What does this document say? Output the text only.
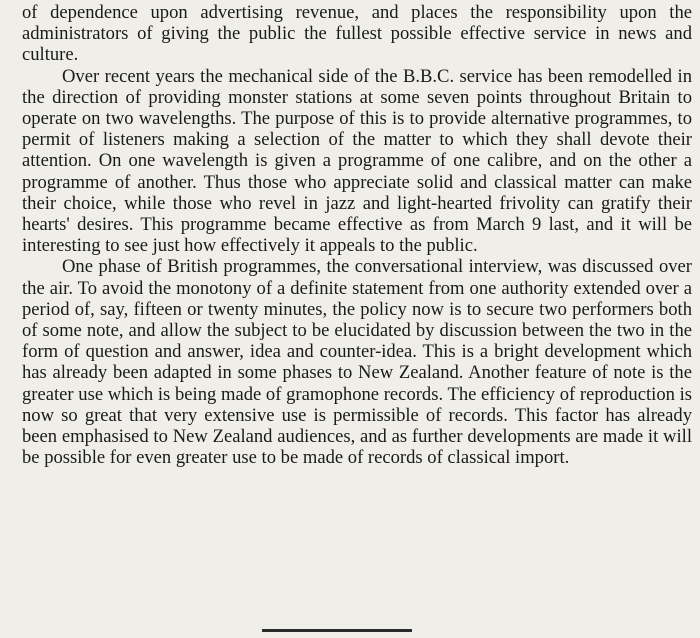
of dependence upon advertising revenue, and places the responsibility upon the administrators of giving the public the fullest possible effective service in news and culture.

Over recent years the mechanical side of the B.B.C. service has been remodelled in the direction of providing monster stations at some seven points throughout Britain to operate on two wavelengths. The purpose of this is to provide alternative programmes, to permit of listeners making a selection of the matter to which they shall devote their attention. On one wavelength is given a programme of one calibre, and on the other a programme of another. Thus those who appreciate solid and classical matter can make their choice, while those who revel in jazz and light-hearted frivolity can gratify their hearts' desires. This programme became effective as from March 9 last, and it will be interesting to see just how effectively it appeals to the public.

One phase of British programmes, the conversational interview, was discussed over the air. To avoid the monotony of a definite statement from one authority extended over a period of, say, fifteen or twenty minutes, the policy now is to secure two performers both of some note, and allow the subject to be elucidated by discussion between the two in the form of question and answer, idea and counter-idea. This is a bright development which has already been adapted in some phases to New Zealand. Another feature of note is the greater use which is being made of gramophone records. The efficiency of reproduction is now so great that very extensive use is permissible of records. This factor has already been emphasised to New Zealand audiences, and as further developments are made it will be possible for even greater use to be made of records of classical import.
